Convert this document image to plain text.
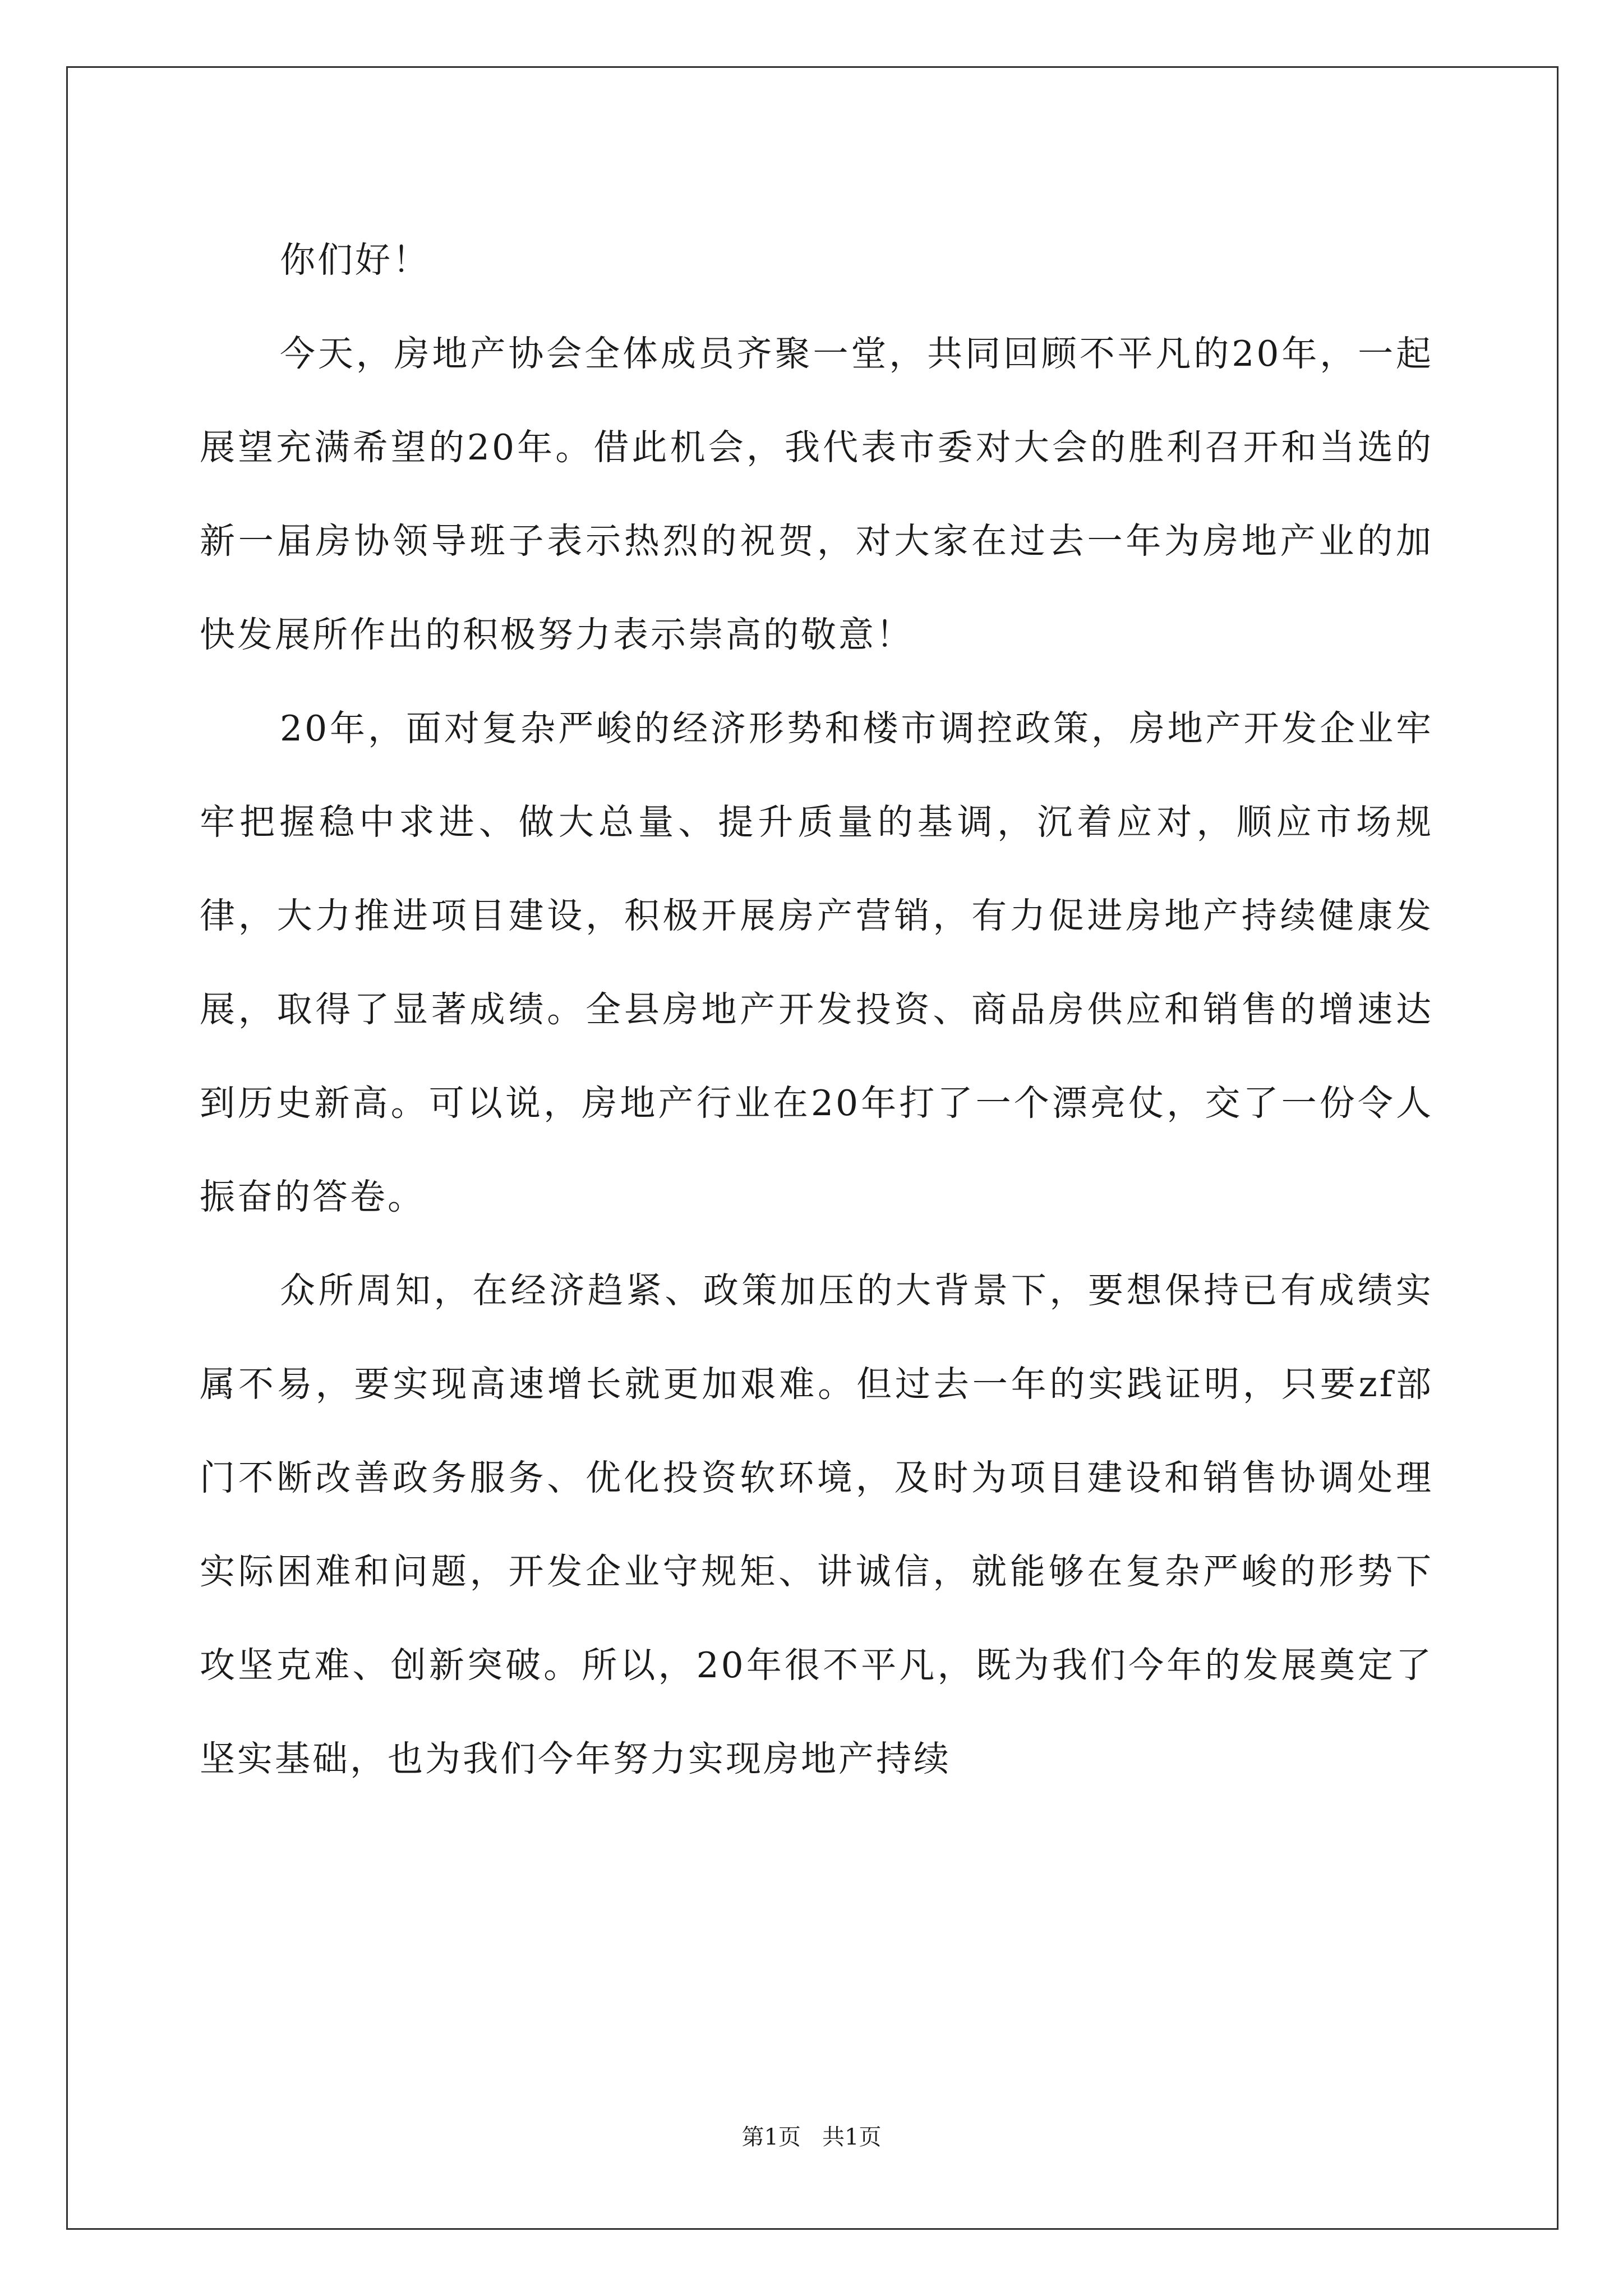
你们好！

今天，房地产协会全体成员齐聚一堂，共同回顾不平凡的20年，一起展望充满希望的20年。借此机会，我代表市委对大会的胜利召开和当选的新一届房协领导班子表示热烈的祝贺，对大家在过去一年为房地产业的加快发展所作出的积极努力表示崇高的敬意！

20年，面对复杂严峻的经济形势和楼市调控政策，房地产开发企业牢牢把握稳中求进、做大总量、提升质量的基调，沉着应对，顺应市场规律，大力推进项目建设，积极开展房产营销，有力促进房地产持续健康发展，取得了显著成绩。全县房地产开发投资、商品房供应和销售的增速达到历史新高。可以说，房地产行业在20年打了一个漂亮仗，交了一份令人振奋的答卷。

众所周知，在经济趋紧、政策加压的大背景下，要想保持已有成绩实属不易，要实现高速增长就更加艰难。但过去一年的实践证明，只要zf部门不断改善政务服务、优化投资软环境，及时为项目建设和销售协调处理实际困难和问题，开发企业守规矩、讲诚信，就能够在复杂严峻的形势下攻坚克难、创新突破。所以，20年很不平凡，既为我们今年的发展奠定了坚实基础，也为我们今年努力实现房地产持续

第1页   共1页
